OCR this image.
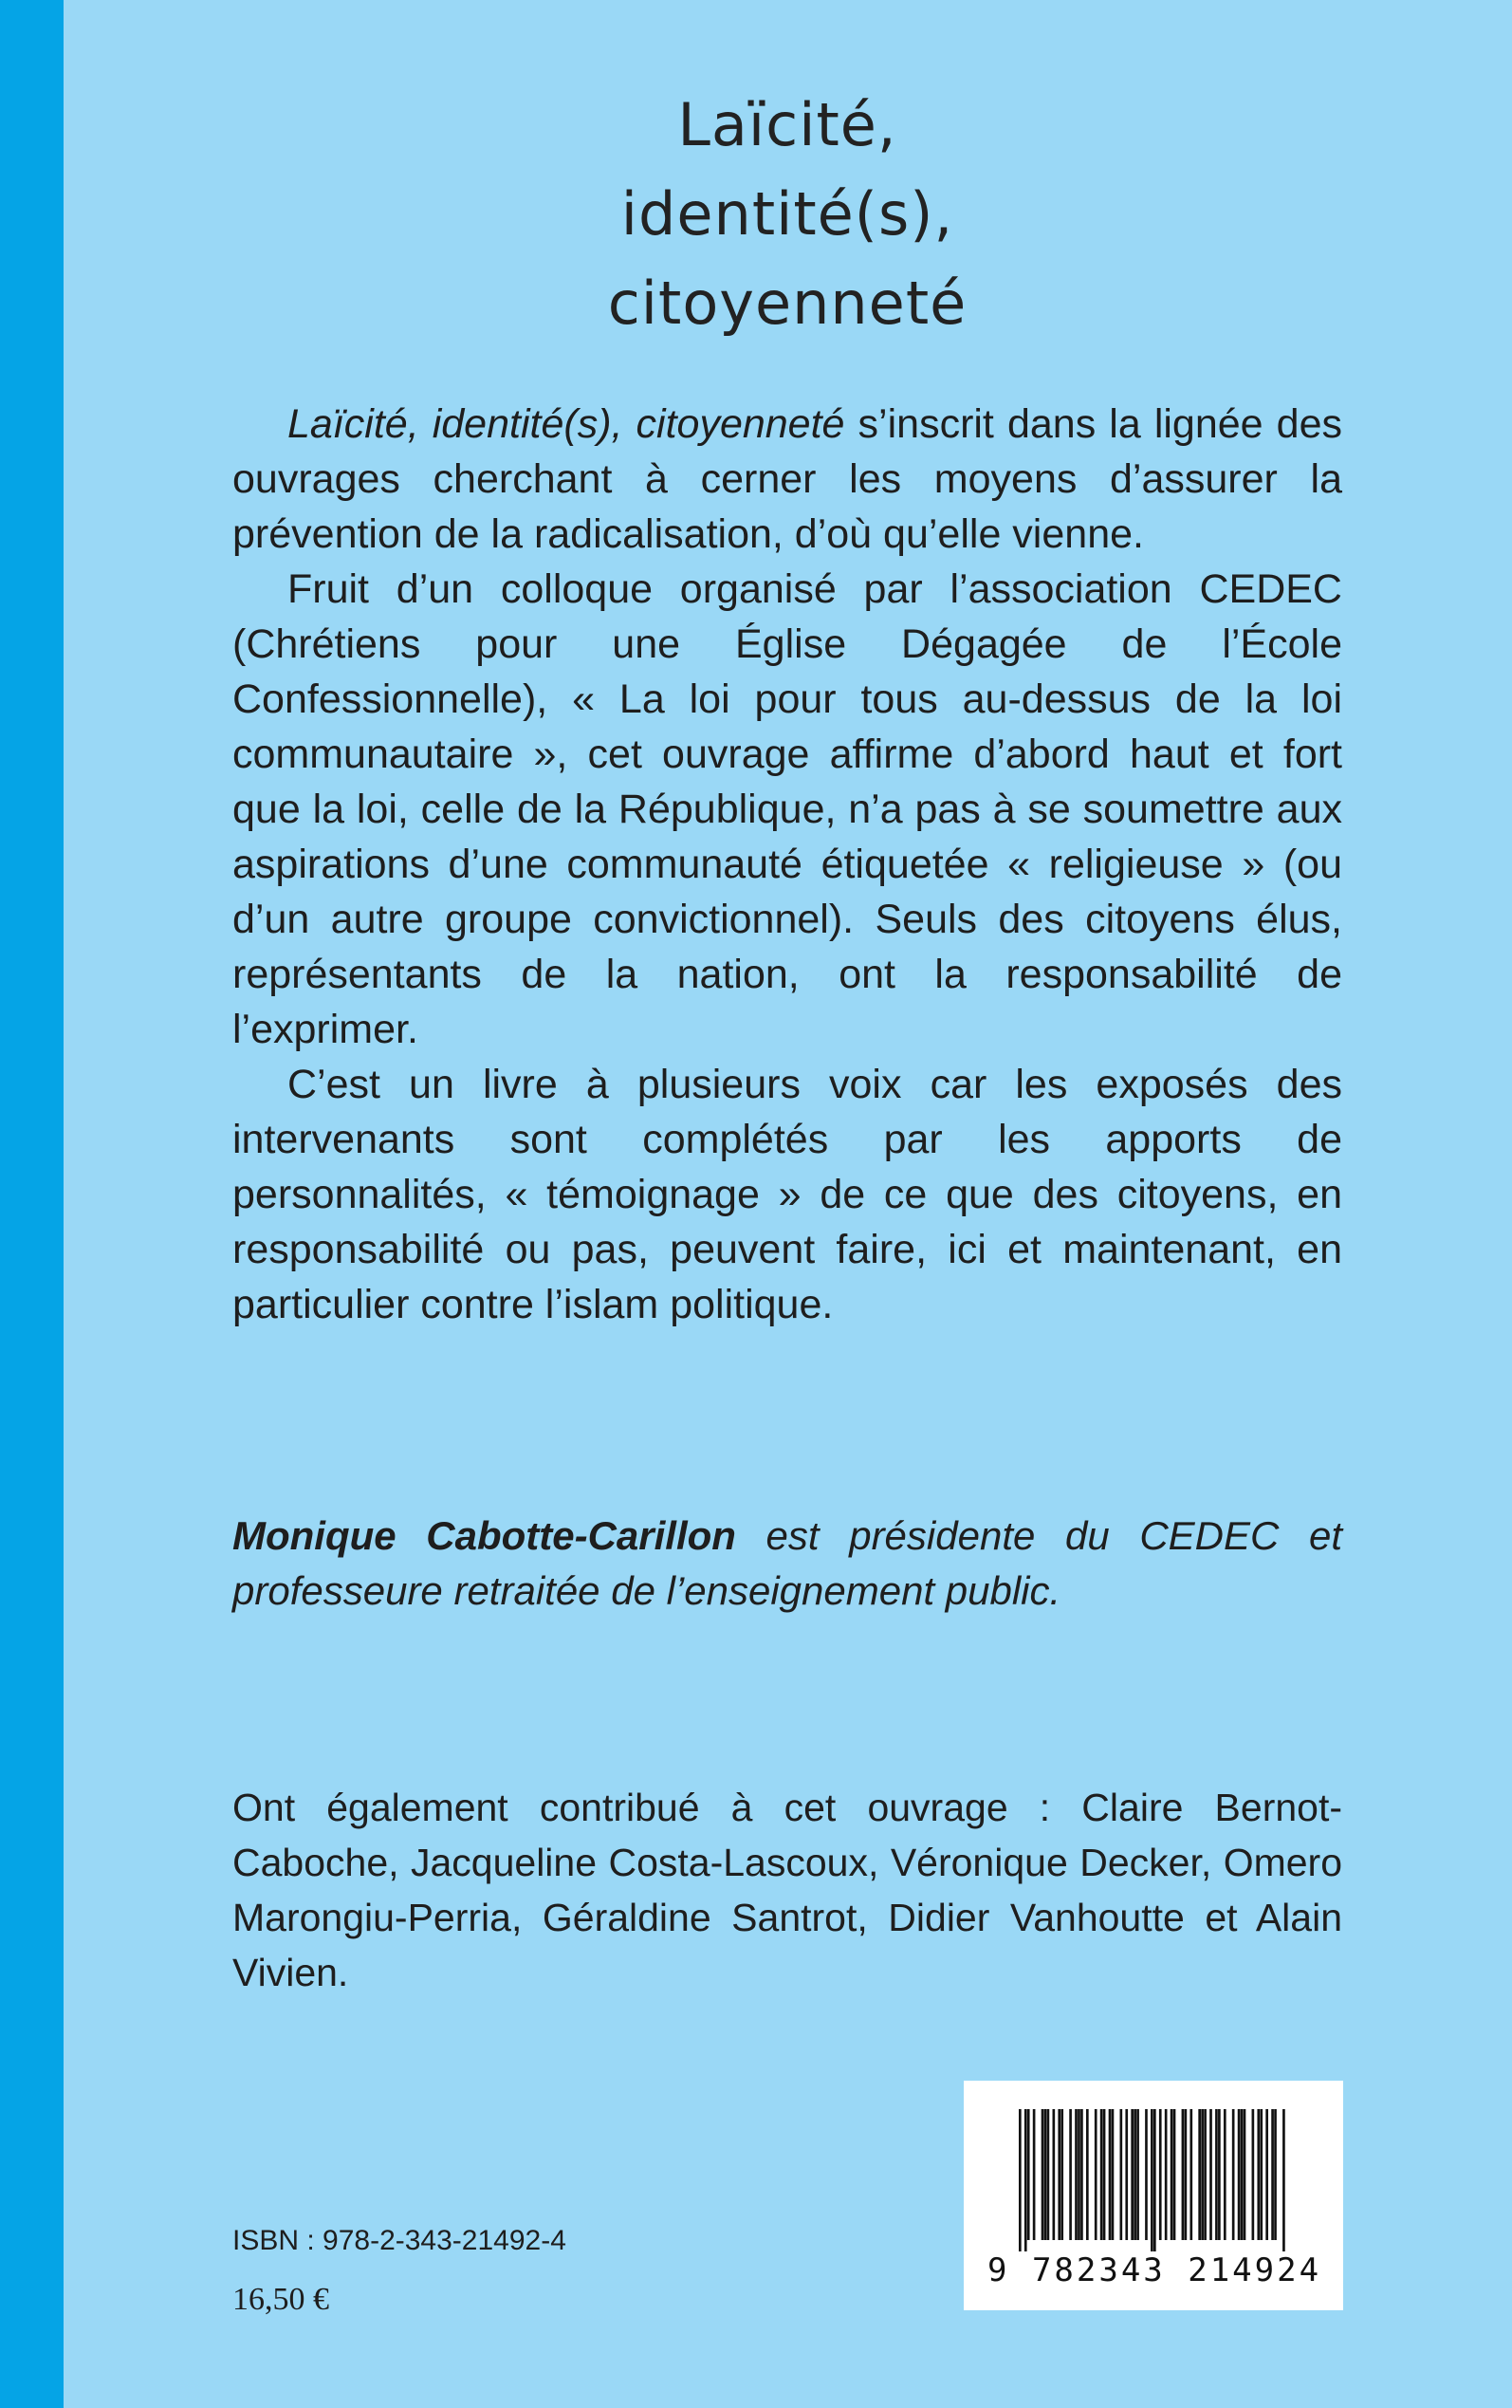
Laïcité,
identité(s),
citoyenneté

Laïcité, identité(s), citoyenneté s’inscrit dans la lignée des ouvrages cherchant à cerner les moyens d’assurer la prévention de la radicalisation, d’où qu’elle vienne.

Fruit d’un colloque organisé par l’association CEDEC (Chrétiens pour une Église Dégagée de l’École Confessionnelle), « La loi pour tous au-dessus de la loi communautaire », cet ouvrage affirme d’abord haut et fort que la loi, celle de la République, n’a pas à se soumettre aux aspirations d’une communauté étiquetée « religieuse » (ou d’un autre groupe convictionnel). Seuls des citoyens élus, représentants de la nation, ont la responsabilité de l’exprimer.

C’est un livre à plusieurs voix car les exposés des intervenants sont complétés par les apports de personnalités, « témoignage » de ce que des citoyens, en responsabilité ou pas, peuvent faire, ici et maintenant, en particulier contre l’islam politique.

Monique Cabotte-Carillon est présidente du CEDEC et professeure retraitée de l’enseignement public.
Ont également contribué à cet ouvrage : Claire Bernot-Caboche, Jacqueline Costa-Lascoux, Véronique Decker, Omero Marongiu-Perria, Géraldine Santrot, Didier Vanhoutte et Alain Vivien.
ISBN : 978-2-343-21492-4
16,50 €
9 782343 214924
